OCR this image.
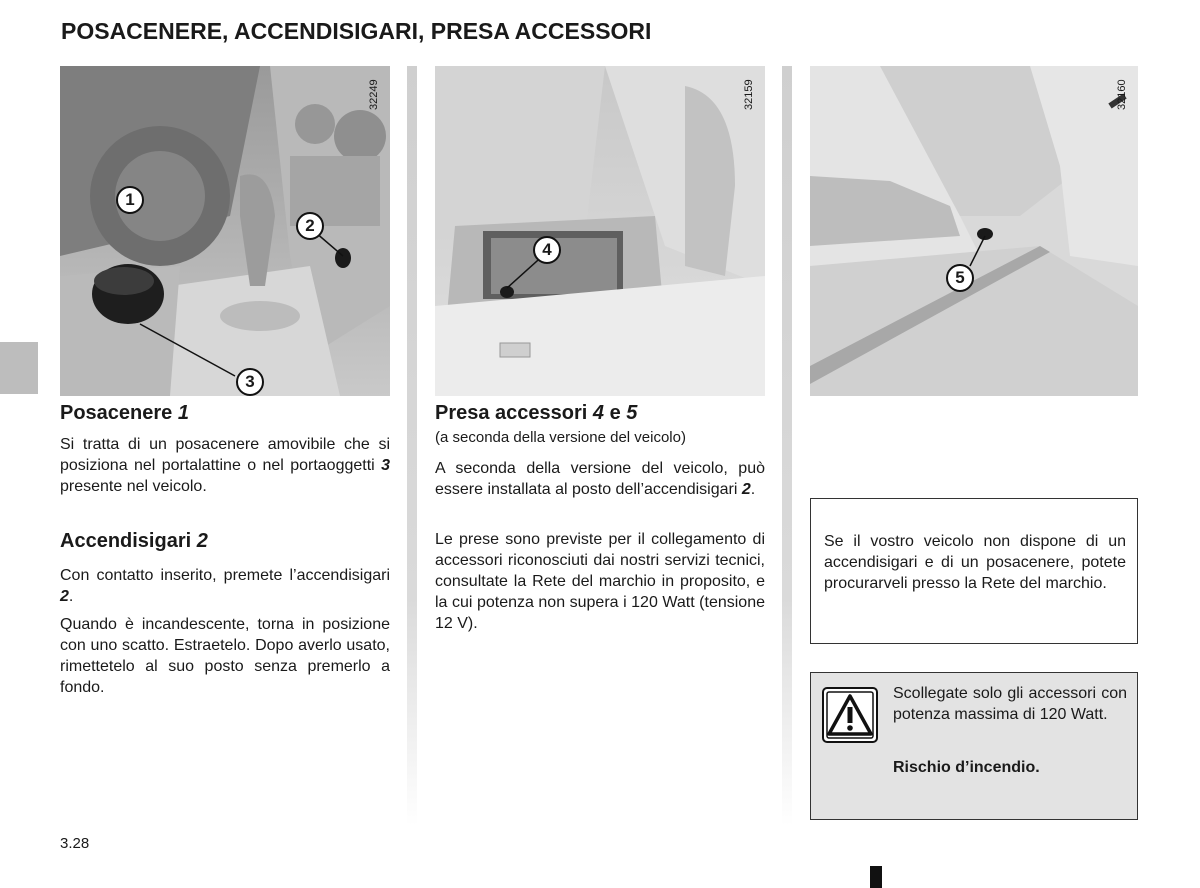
POSACENERE, ACCENDISIGARI, PRESA ACCESSORI
32249
1
2
3
32159
4
32160
5
Posacenere 1

Si tratta di un posacenere amovibile che si posiziona nel portalattine o nel portaoggetti 3 presente nel veicolo.

Accendisigari 2

Con contatto inserito, premete l’accendisigari 2.

Quando è incandescente, torna in posizione con uno scatto. Estraetelo. Dopo averlo usato, rimettetelo al suo posto senza premerlo a fondo.

Presa accessori 4 e 5

(a seconda della versione del veicolo)

A seconda della versione del veicolo, può essere installata al posto dell’accendisigari 2.

Le prese sono previste per il collegamento di accessori riconosciuti dai nostri servizi tecnici, consultate la Rete del marchio in proposito, e la cui potenza non supera i 120 Watt (tensione 12 V).

Se il vostro veicolo non dispone di un accendisigari e di un posacenere, potete procurarveli presso la Rete del marchio.

Scollegate solo gli accessori con potenza massima di 120 Watt.

Rischio d’incendio.

3.28
